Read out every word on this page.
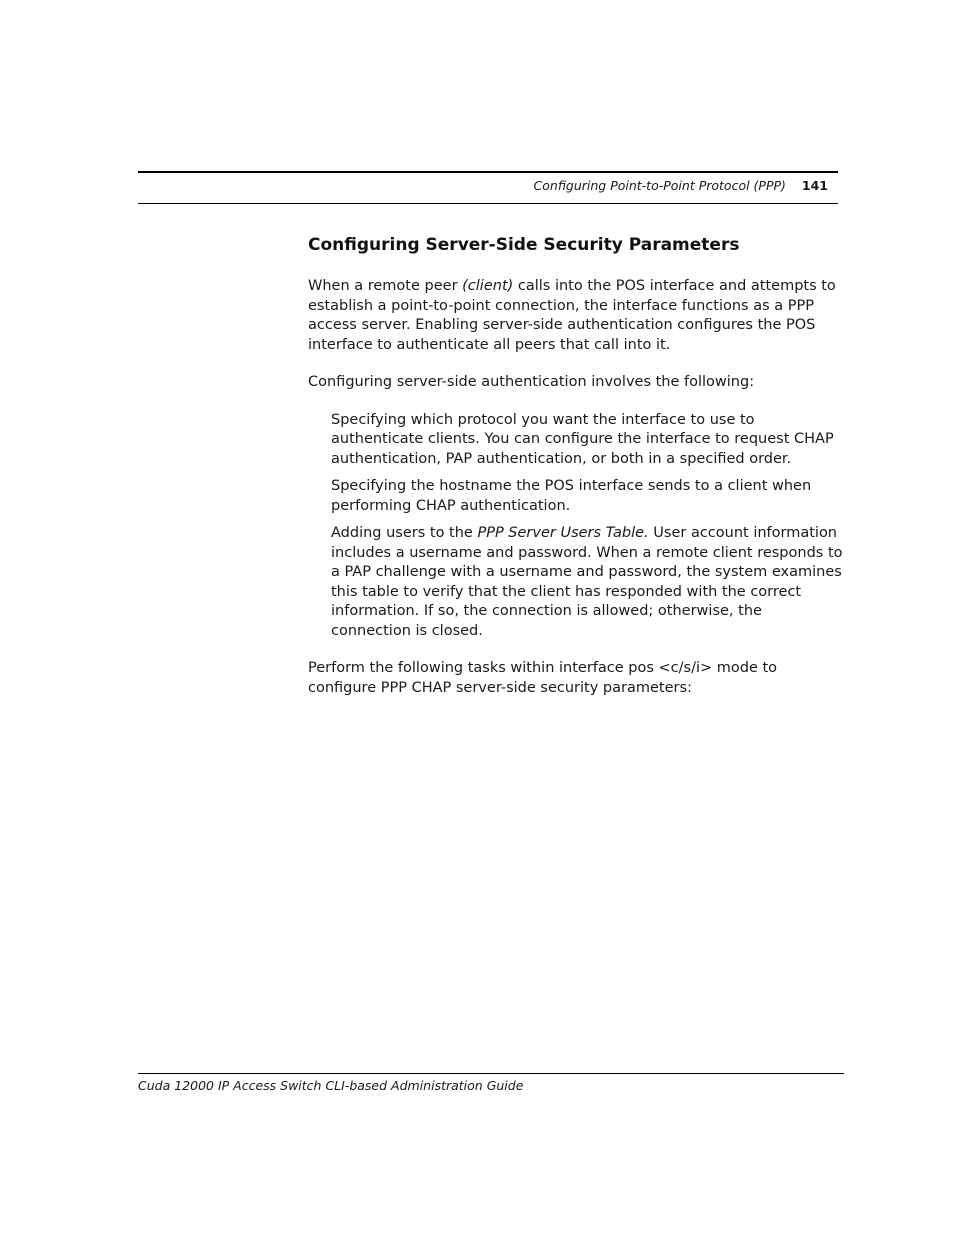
Configuring Point-to-Point Protocol (PPP) 141
Configuring Server-Side Security Parameters

When a remote peer (client) calls into the POS interface and attempts to establish a point-to-point connection, the interface functions as a PPP access server. Enabling server-side authentication configures the POS interface to authenticate all peers that call into it.

Configuring server-side authentication involves the following:

Specifying which protocol you want the interface to use to authenticate clients. You can configure the interface to request CHAP authentication, PAP authentication, or both in a specified order.
Specifying the hostname the POS interface sends to a client when performing CHAP authentication.
Adding users to the PPP Server Users Table. User account information includes a username and password. When a remote client responds to a PAP challenge with a username and password, the system examines this table to verify that the client has responded with the correct information. If so, the connection is allowed; otherwise, the connection is closed.

Perform the following tasks within interface pos <c/s/i> mode to configure PPP CHAP server-side security parameters:

Cuda 12000 IP Access Switch CLI-based Administration Guide
